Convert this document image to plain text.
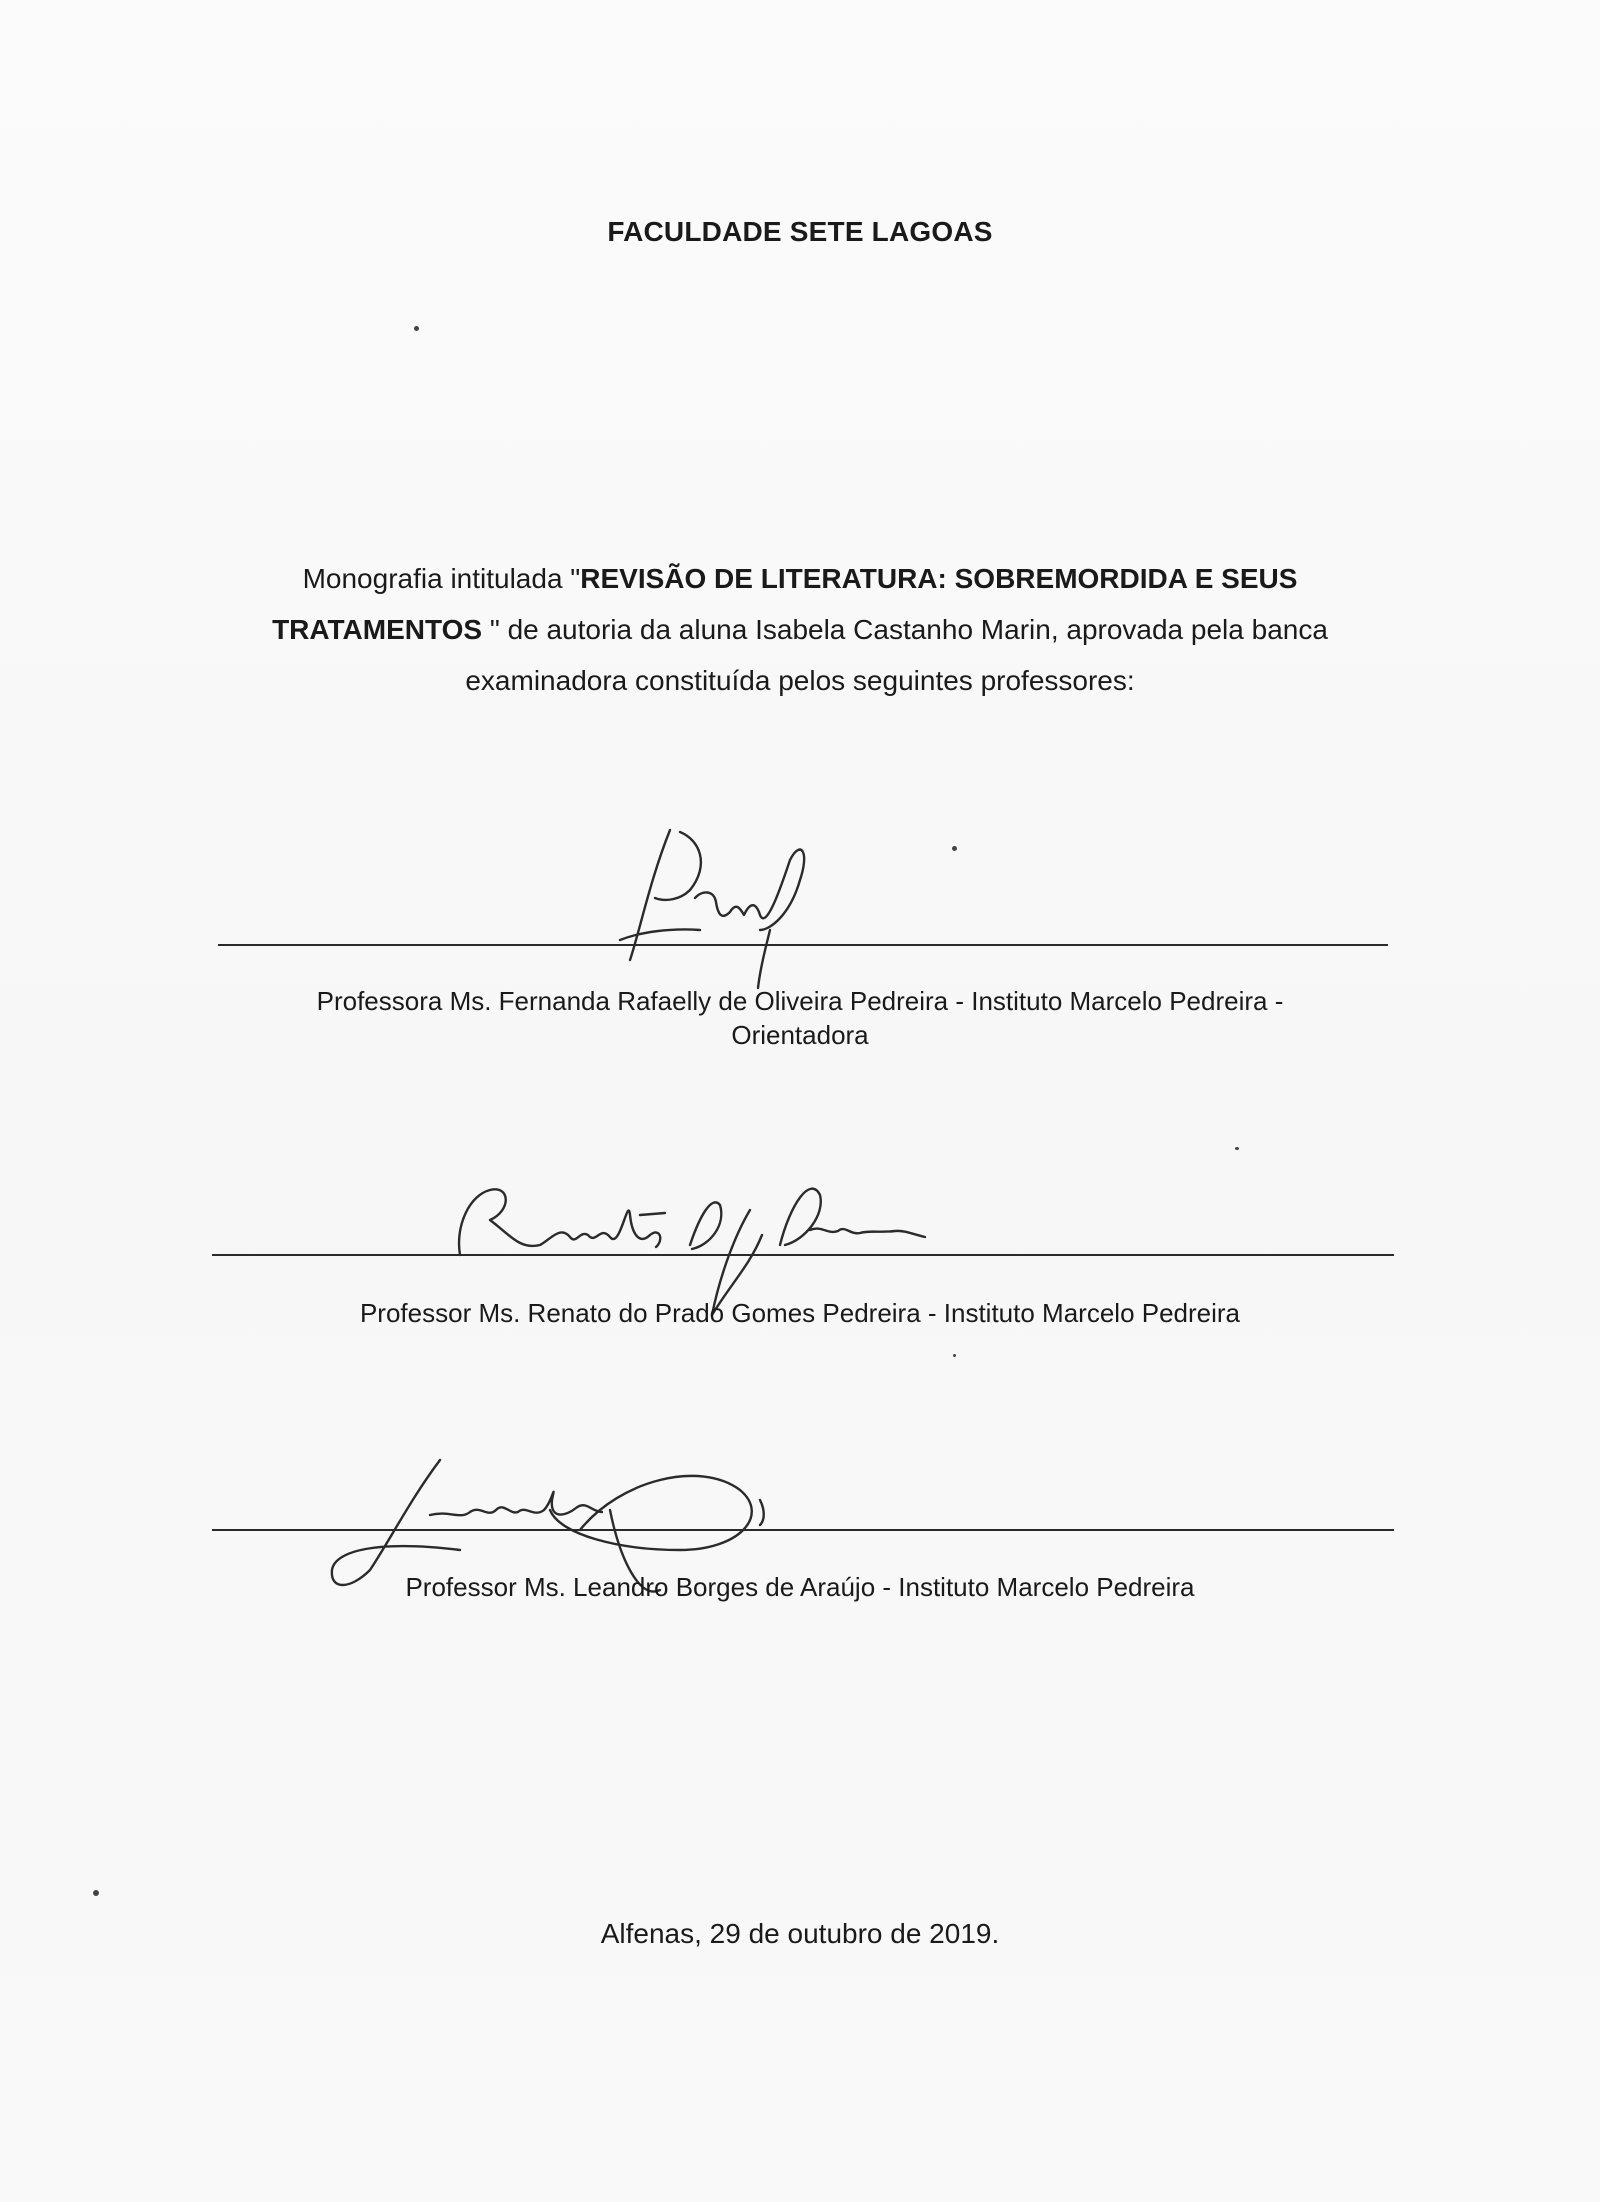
FACULDADE SETE LAGOAS
Monografia intitulada "REVISÃO DE LITERATURA: SOBREMORDIDA E SEUS TRATAMENTOS " de autoria da aluna Isabela Castanho Marin, aprovada pela banca examinadora constituída pelos seguintes professores:
Professora Ms. Fernanda Rafaelly de Oliveira Pedreira - Instituto Marcelo Pedreira -
Orientadora
Professor Ms. Renato do Prado Gomes Pedreira - Instituto Marcelo Pedreira
Professor Ms. Leandro Borges de Araújo - Instituto Marcelo Pedreira
Alfenas, 29 de outubro de 2019.
